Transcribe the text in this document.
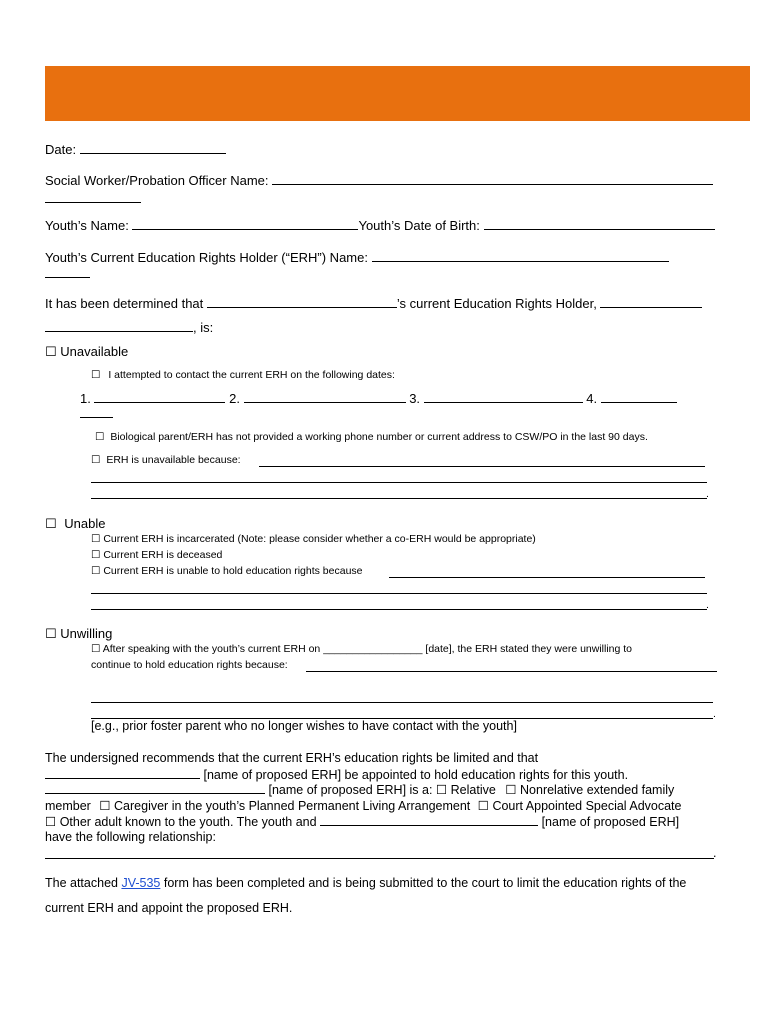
Date:
Social Worker/Probation Officer Name:
Youth’s Name:	Youth’s Date of Birth:
Youth’s Current Education Rights Holder (“ERH”) Name:
It has been determined that	’s current Education Rights Holder,
, is:
☐ Unavailable
☐ I attempted to contact the current ERH on the following dates:
1.	2.	3.	4.
☐ Biological parent/ERH has not provided a working phone number or current address to CSW/PO in the last 90 days.
☐ ERH is unavailable because:
.
☐ Unable
☐ Current ERH is incarcerated (Note: please consider whether a co-ERH would be appropriate)
☐ Current ERH is deceased
☐ Current ERH is unable to hold education rights because
.
☐ Unwilling
☐ After speaking with the youth’s current ERH on _________________ [date], the ERH stated they were unwilling to
continue to hold education rights because:
.
[e.g., prior foster parent who no longer wishes to have contact with the youth]
The undersigned recommends that the current ERH’s education rights be limited and that
[name of proposed ERH] be appointed to hold education rights for this youth.
[name of proposed ERH] is a: ☐ Relative ☐ Nonrelative extended family
member ☐ Caregiver in the youth’s Planned Permanent Living Arrangement ☐ Court Appointed Special Advocate
☐ Other adult known to the youth. The youth and	[name of proposed ERH]
have the following relationship:
.
The attached JV-535 form has been completed and is being submitted to the court to limit the education rights of the
current ERH and appoint the proposed ERH.
